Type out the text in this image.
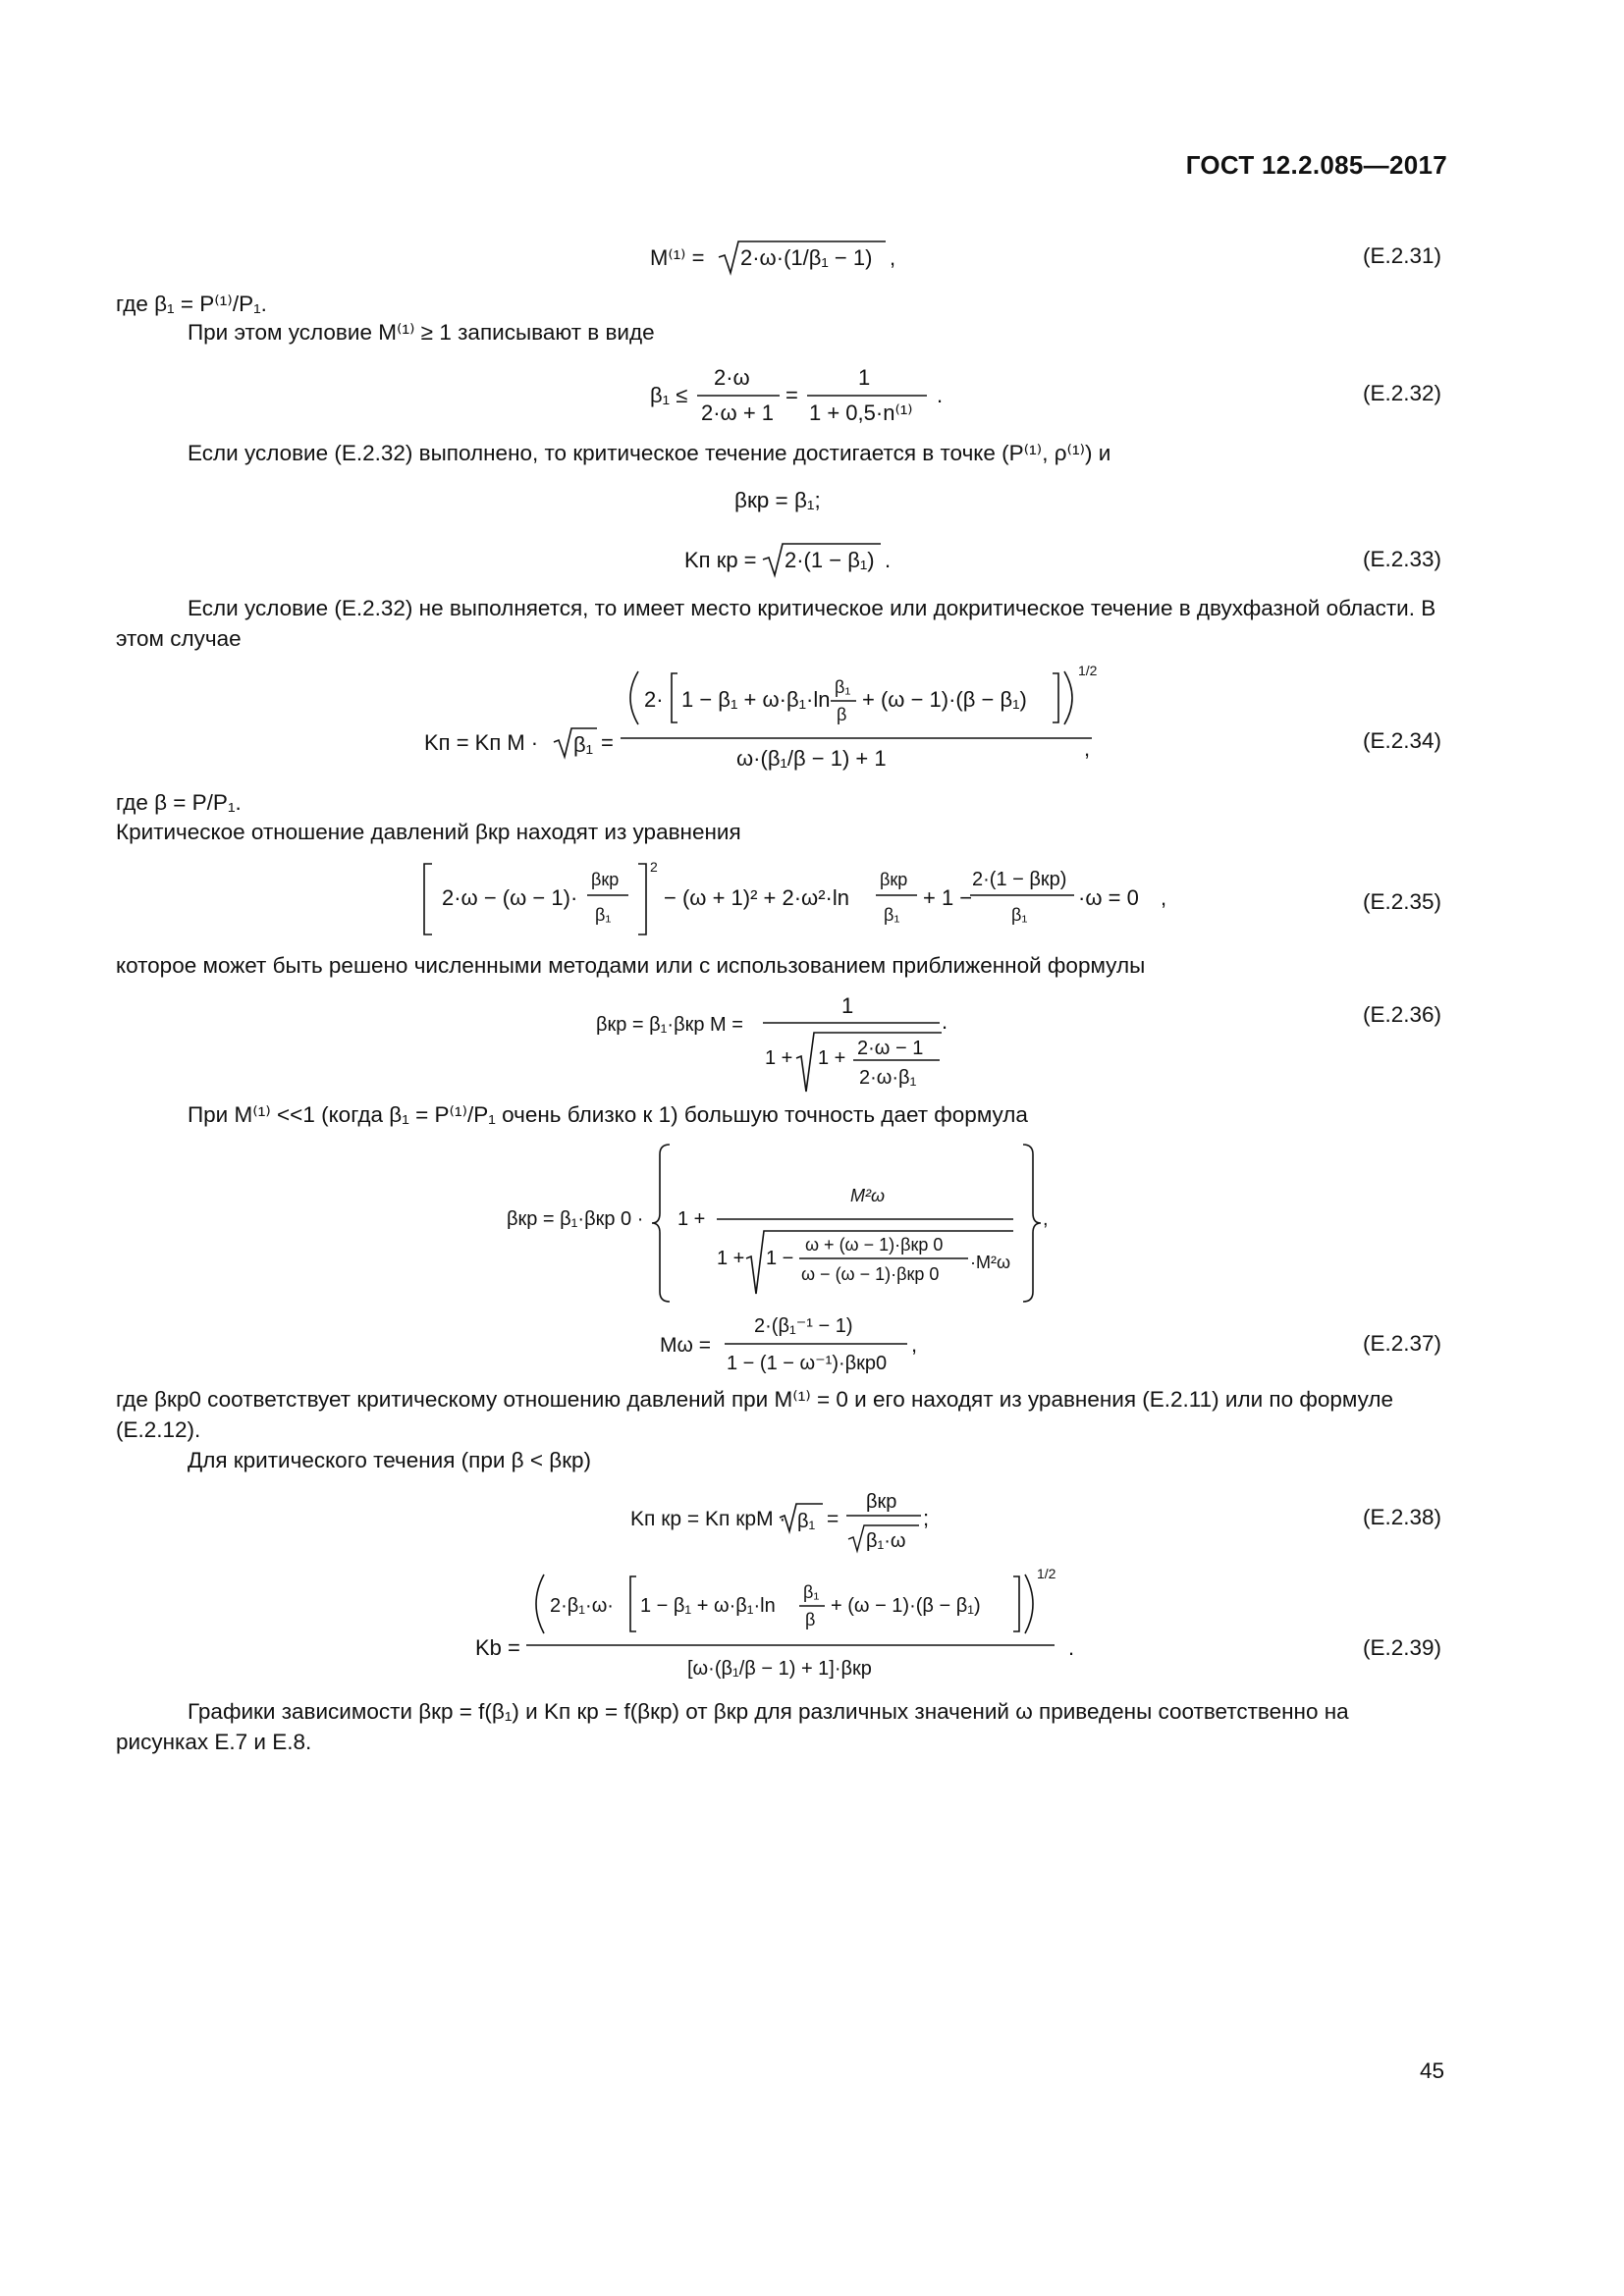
ГОСТ 12.2.085—2017
M⁽¹⁾ = 2·ω·(1/β₁ − 1) ,	(Е.2.31)
где β₁ = P⁽¹⁾/P₁.
При этом условие M⁽¹⁾ ≥ 1 записывают в виде
β₁ ≤
2·ω
2·ω + 1
=
1
1 + 0,5·n⁽¹⁾
.	(Е.2.32)
Если условие (Е.2.32) выполнено, то критическое течение достигается в точке (P⁽¹⁾, ρ⁽¹⁾) и
βкр = β₁;
Kп кр = 2·(1 − β₁) .	(Е.2.33)
Если условие (Е.2.32) не выполняется, то имеет место критическое или докритическое течение в двухфазной области. В этом случае
Kп = Kп М · β₁ =
2· 1 − β₁ + ω·β₁·ln β₁
β
+ (ω − 1)·(β − β₁)
1/2
ω·(β₁/β − 1) + 1	,	(Е.2.34)
где β = P/P₁.
Критическое отношение давлений βкр находят из уравнения
2·ω − (ω − 1)·
βкр
β₁
2
− (ω + 1)² + 2·ω²·ln
βкр
β₁
+ 1 −
2·(1 − βкр)
β₁
·ω = 0 ,	(Е.2.35)
которое может быть решено численными методами или с использованием приближенной формулы
βкр = β₁·βкр М =
1
1 + 1 + 2·ω − 1
2·ω·β₁
.	(Е.2.36)
При M⁽¹⁾ <<1 (когда β₁ = P⁽¹⁾/P₁ очень близко к 1) большую точность дает формула
βкр = β₁·βкр 0 · 1 +
M²ω
1 + 1 −
ω + (ω − 1)·βкр 0
ω − (ω − 1)·βкр 0
·M²ω
,
Mω =
2·(β₁⁻¹ − 1)
1 − (1 − ω⁻¹)·βкр0
,	(Е.2.37)
где βкр0 соответствует критическому отношению давлений при M⁽¹⁾ = 0 и его находят из уравнения (Е.2.11) или по формуле (Е.2.12).
Для критического течения (при β < βкр)
Kп кр = Kп крМ · β₁ =
βкр
β₁·ω
;	(Е.2.38)
Kb =
2·β₁·ω· 1 − β₁ + ω·β₁·ln
β₁
β
+ (ω − 1)·(β − β₁)
1/2
[ω·(β₁/β − 1) + 1]·βкр
.	(Е.2.39)
Графики зависимости βкр = f(β₁) и Kп кр = f(βкр) от βкр для различных значений ω приведены соответственно на рисунках Е.7 и Е.8.
45
